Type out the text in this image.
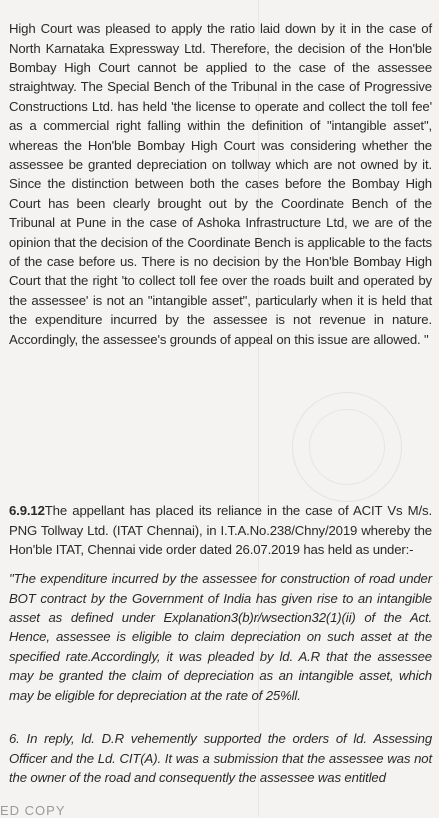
High Court was pleased to apply the ratio laid down by it in the case of North Karnataka Expressway Ltd. Therefore, the decision of the Hon'ble Bombay High Court cannot be applied to the case of the assessee straightway. The Special Bench of the Tribunal in the case of Progressive Constructions Ltd. has held 'the license to operate and collect the toll fee' as a commercial right falling within the definition of "intangible asset", whereas the Hon'ble Bombay High Court was considering whether the assessee be granted depreciation on tollway which are not owned by it. Since the distinction between both the cases before the Bombay High Court has been clearly brought out by the Coordinate Bench of the Tribunal at Pune in the case of Ashoka Infrastructure Ltd, we are of the opinion that the decision of the Coordinate Bench is applicable to the facts of the case before us. There is no decision by the Hon'ble Bombay High Court that the right 'to collect toll fee over the roads built and operated by the assessee' is not an "intangible asset", particularly when it is held that the expenditure incurred by the assessee is not revenue in nature. Accordingly, the assessee's grounds of appeal on this issue are allowed. "

6.9.12The appellant has placed its reliance in the case of ACIT Vs M/s. PNG Tollway Ltd. (ITAT Chennai), in I.T.A.No.238/Chny/2019 whereby the Hon'ble ITAT, Chennai vide order dated 26.07.2019 has held as under:-

"The expenditure incurred by the assessee for construction of road under BOT contract by the Government of India has given rise to an intangible asset as defined under Explanation3(b)r/wsection32(1)(ii) of the Act. Hence, assessee is eligible to claim depreciation on such asset at the specified rate.Accordingly, it was pleaded by ld. A.R that the assessee may be granted the claim of depreciation as an intangible asset, which may be eligible for depreciation at the rate of 25%ll.

6. In reply, ld. D.R vehemently supported the orders of ld. Assessing Officer and the Ld. CIT(A). It was a submission that the assessee was not the owner of the road and consequently the assessee was entitled

ED COPY
